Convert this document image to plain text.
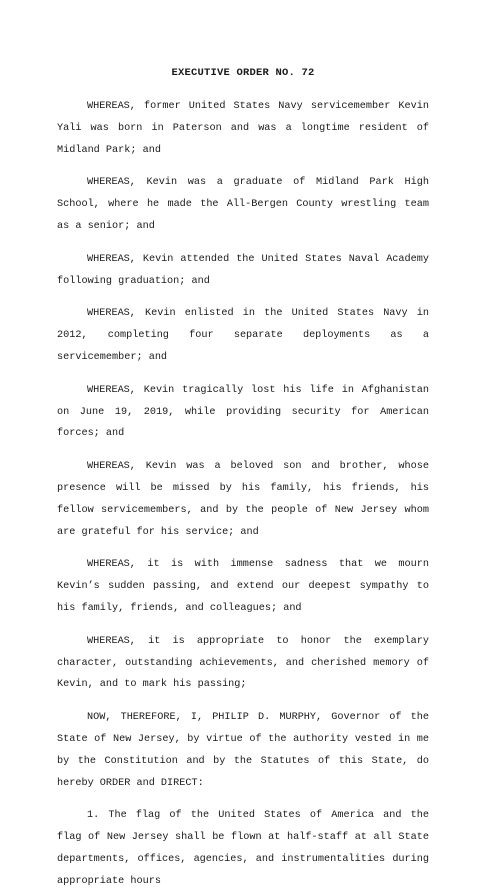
EXECUTIVE ORDER NO. 72

WHEREAS, former United States Navy servicemember Kevin Yali was born in Paterson and was a longtime resident of Midland Park; and

WHEREAS, Kevin was a graduate of Midland Park High School, where he made the All-Bergen County wrestling team as a senior; and

WHEREAS, Kevin attended the United States Naval Academy following graduation; and

WHEREAS, Kevin enlisted in the United States Navy in 2012, completing four separate deployments as a servicemember; and

WHEREAS, Kevin tragically lost his life in Afghanistan on June 19, 2019, while providing security for American forces; and

WHEREAS, Kevin was a beloved son and brother, whose presence will be missed by his family, his friends, his fellow servicemembers, and by the people of New Jersey whom are grateful for his service; and

WHEREAS, it is with immense sadness that we mourn Kevin’s sudden passing, and extend our deepest sympathy to his family, friends, and colleagues; and

WHEREAS, it is appropriate to honor the exemplary character, outstanding achievements, and cherished memory of Kevin, and to mark his passing;

NOW, THEREFORE, I, PHILIP D. MURPHY, Governor of the State of New Jersey, by virtue of the authority vested in me by the Constitution and by the Statutes of this State, do hereby ORDER and DIRECT:

1. The flag of the United States of America and the flag of New Jersey shall be flown at half-staff at all State departments, offices, agencies, and instrumentalities during appropriate hours
